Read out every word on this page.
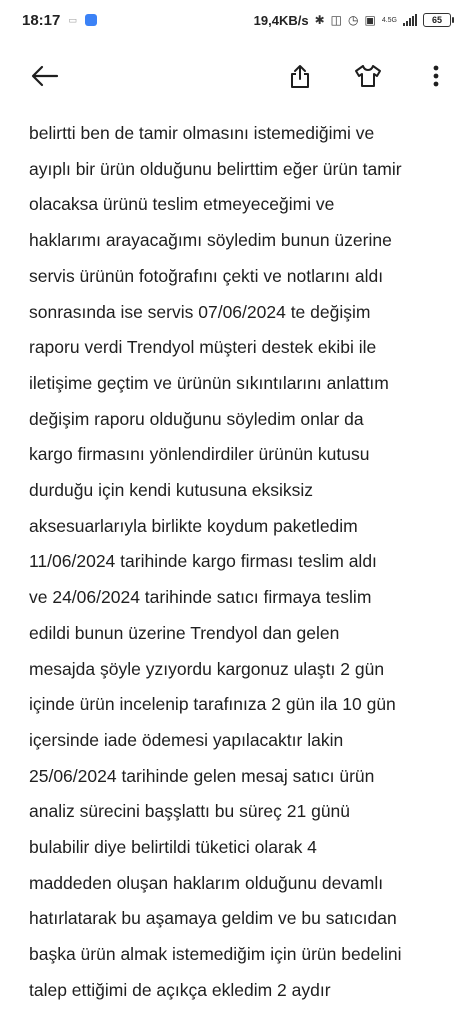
18:17 ▭	19,4KB/s ✱ ◫ ◷ ▣ 4.5G	65
belirtti ben de tamir olmasını istemediğimi ve
ayıplı bir ürün olduğunu belirttim eğer ürün tamir
olacaksa ürünü teslim etmeyeceğimi ve
haklarımı arayacağımı söyledim bunun üzerine
servis ürünün fotoğrafını çekti ve notlarını aldı
sonrasında ise servis 07/06/2024 te değişim
raporu verdi Trendyol müşteri destek ekibi ile
iletişime geçtim ve ürünün sıkıntılarını anlattım
değişim raporu olduğunu söyledim onlar da
kargo firmasını yönlendirdiler ürünün kutusu
durduğu için kendi kutusuna eksiksiz
aksesuarlarıyla birlikte koydum paketledim
11/06/2024 tarihinde kargo firması teslim aldı
ve 24/06/2024 tarihinde satıcı firmaya teslim
edildi bunun üzerine Trendyol dan gelen
mesajda şöyle yzıyordu kargonuz ulaştı 2 gün
içinde ürün incelenip tarafınıza 2 gün ila 10 gün
içersinde iade ödemesi yapılacaktır lakin
25/06/2024 tarihinde gelen mesaj satıcı ürün
analiz sürecini başşlattı bu süreç 21 günü
bulabilir diye belirtildi tüketici olarak 4
maddeden oluşan haklarım olduğunu devamlı
hatırlatarak bu aşamaya geldim ve bu satıcıdan
başka ürün almak istemediğim için ürün bedelini
talep ettiğimi de açıkça ekledim 2 aydır
